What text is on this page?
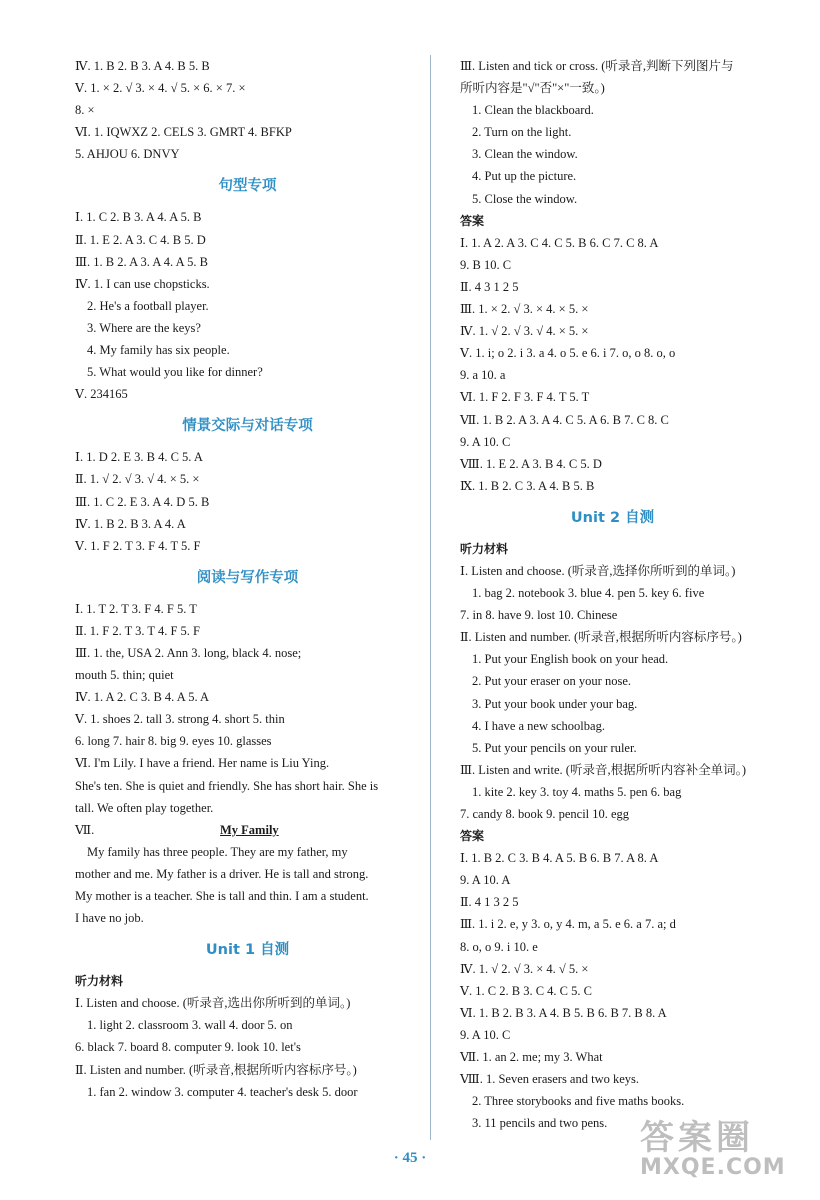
Ⅳ. 1. B 2. B 3. A 4. B 5. B
Ⅴ. 1. × 2. √ 3. × 4. √ 5. × 6. × 7. ×
8. ×
Ⅵ. 1. IQWXZ 2. CELS 3. GMRT 4. BFKP
5. AHJOU 6. DNVY
句型专项
Ⅰ. 1. C 2. B 3. A 4. A 5. B
Ⅱ. 1. E 2. A 3. C 4. B 5. D
Ⅲ. 1. B 2. A 3. A 4. A 5. B
Ⅳ. 1. I can use chopsticks.
2. He's a football player.
3. Where are the keys?
4. My family has six people.
5. What would you like for dinner?
Ⅴ. 234165
情景交际与对话专项
Ⅰ. 1. D 2. E 3. B 4. C 5. A
Ⅱ. 1. √ 2. √ 3. √ 4. × 5. ×
Ⅲ. 1. C 2. E 3. A 4. D 5. B
Ⅳ. 1. B 2. B 3. A 4. A
Ⅴ. 1. F 2. T 3. F 4. T 5. F
阅读与写作专项
Ⅰ. 1. T 2. T 3. F 4. F 5. T
Ⅱ. 1. F 2. T 3. T 4. F 5. F
Ⅲ. 1. the, USA 2. Ann 3. long, black 4. nose;
mouth 5. thin; quiet
Ⅳ. 1. A 2. C 3. B 4. A 5. A
Ⅴ. 1. shoes 2. tall 3. strong 4. short 5. thin
6. long 7. hair 8. big 9. eyes 10. glasses
Ⅵ. I'm Lily. I have a friend. Her name is Liu Ying.
She's ten. She is quiet and friendly. She has short hair. She is
tall. We often play together.
Ⅶ.	My Family
My family has three people. They are my father, my
mother and me. My father is a driver. He is tall and strong.
My mother is a teacher. She is tall and thin. I am a student.
I have no job.
Unit 1 自测
听力材料
Ⅰ. Listen and choose. (听录音,选出你所听到的单词。)
1. light 2. classroom 3. wall 4. door 5. on
6. black 7. board 8. computer 9. look 10. let's
Ⅱ. Listen and number. (听录音,根据所听内容标序号。)
1. fan 2. window 3. computer 4. teacher's desk 5. door
Ⅲ. Listen and tick or cross. (听录音,判断下列图片与
所听内容是"√"否"×"一致。)
1. Clean the blackboard.
2. Turn on the light.
3. Clean the window.
4. Put up the picture.
5. Close the window.
答案
Ⅰ. 1. A 2. A 3. C 4. C 5. B 6. C 7. C 8. A
9. B 10. C
Ⅱ. 4 3 1 2 5
Ⅲ. 1. × 2. √ 3. × 4. × 5. ×
Ⅳ. 1. √ 2. √ 3. √ 4. × 5. ×
Ⅴ. 1. i; o 2. i 3. a 4. o 5. e 6. i 7. o, o 8. o, o
9. a 10. a
Ⅵ. 1. F 2. F 3. F 4. T 5. T
Ⅶ. 1. B 2. A 3. A 4. C 5. A 6. B 7. C 8. C
9. A 10. C
Ⅷ. 1. E 2. A 3. B 4. C 5. D
Ⅸ. 1. B 2. C 3. A 4. B 5. B
Unit 2 自测
听力材料
Ⅰ. Listen and choose. (听录音,选择你所听到的单词。)
1. bag 2. notebook 3. blue 4. pen 5. key 6. five
7. in 8. have 9. lost 10. Chinese
Ⅱ. Listen and number. (听录音,根据所听内容标序号。)
1. Put your English book on your head.
2. Put your eraser on your nose.
3. Put your book under your bag.
4. I have a new schoolbag.
5. Put your pencils on your ruler.
Ⅲ. Listen and write. (听录音,根据所听内容补全单词。)
1. kite 2. key 3. toy 4. maths 5. pen 6. bag
7. candy 8. book 9. pencil 10. egg
答案
Ⅰ. 1. B 2. C 3. B 4. A 5. B 6. B 7. A 8. A
9. A 10. A
Ⅱ. 4 1 3 2 5
Ⅲ. 1. i 2. e, y 3. o, y 4. m, a 5. e 6. a 7. a; d
8. o, o 9. i 10. e
Ⅳ. 1. √ 2. √ 3. × 4. √ 5. ×
Ⅴ. 1. C 2. B 3. C 4. C 5. C
Ⅵ. 1. B 2. B 3. A 4. B 5. B 6. B 7. B 8. A
9. A 10. C
Ⅶ. 1. an 2. me; my 3. What
Ⅷ. 1. Seven erasers and two keys.
2. Three storybooks and five maths books.
3. 11 pencils and two pens.
· 45 ·	答案圈
MXQE.COM
